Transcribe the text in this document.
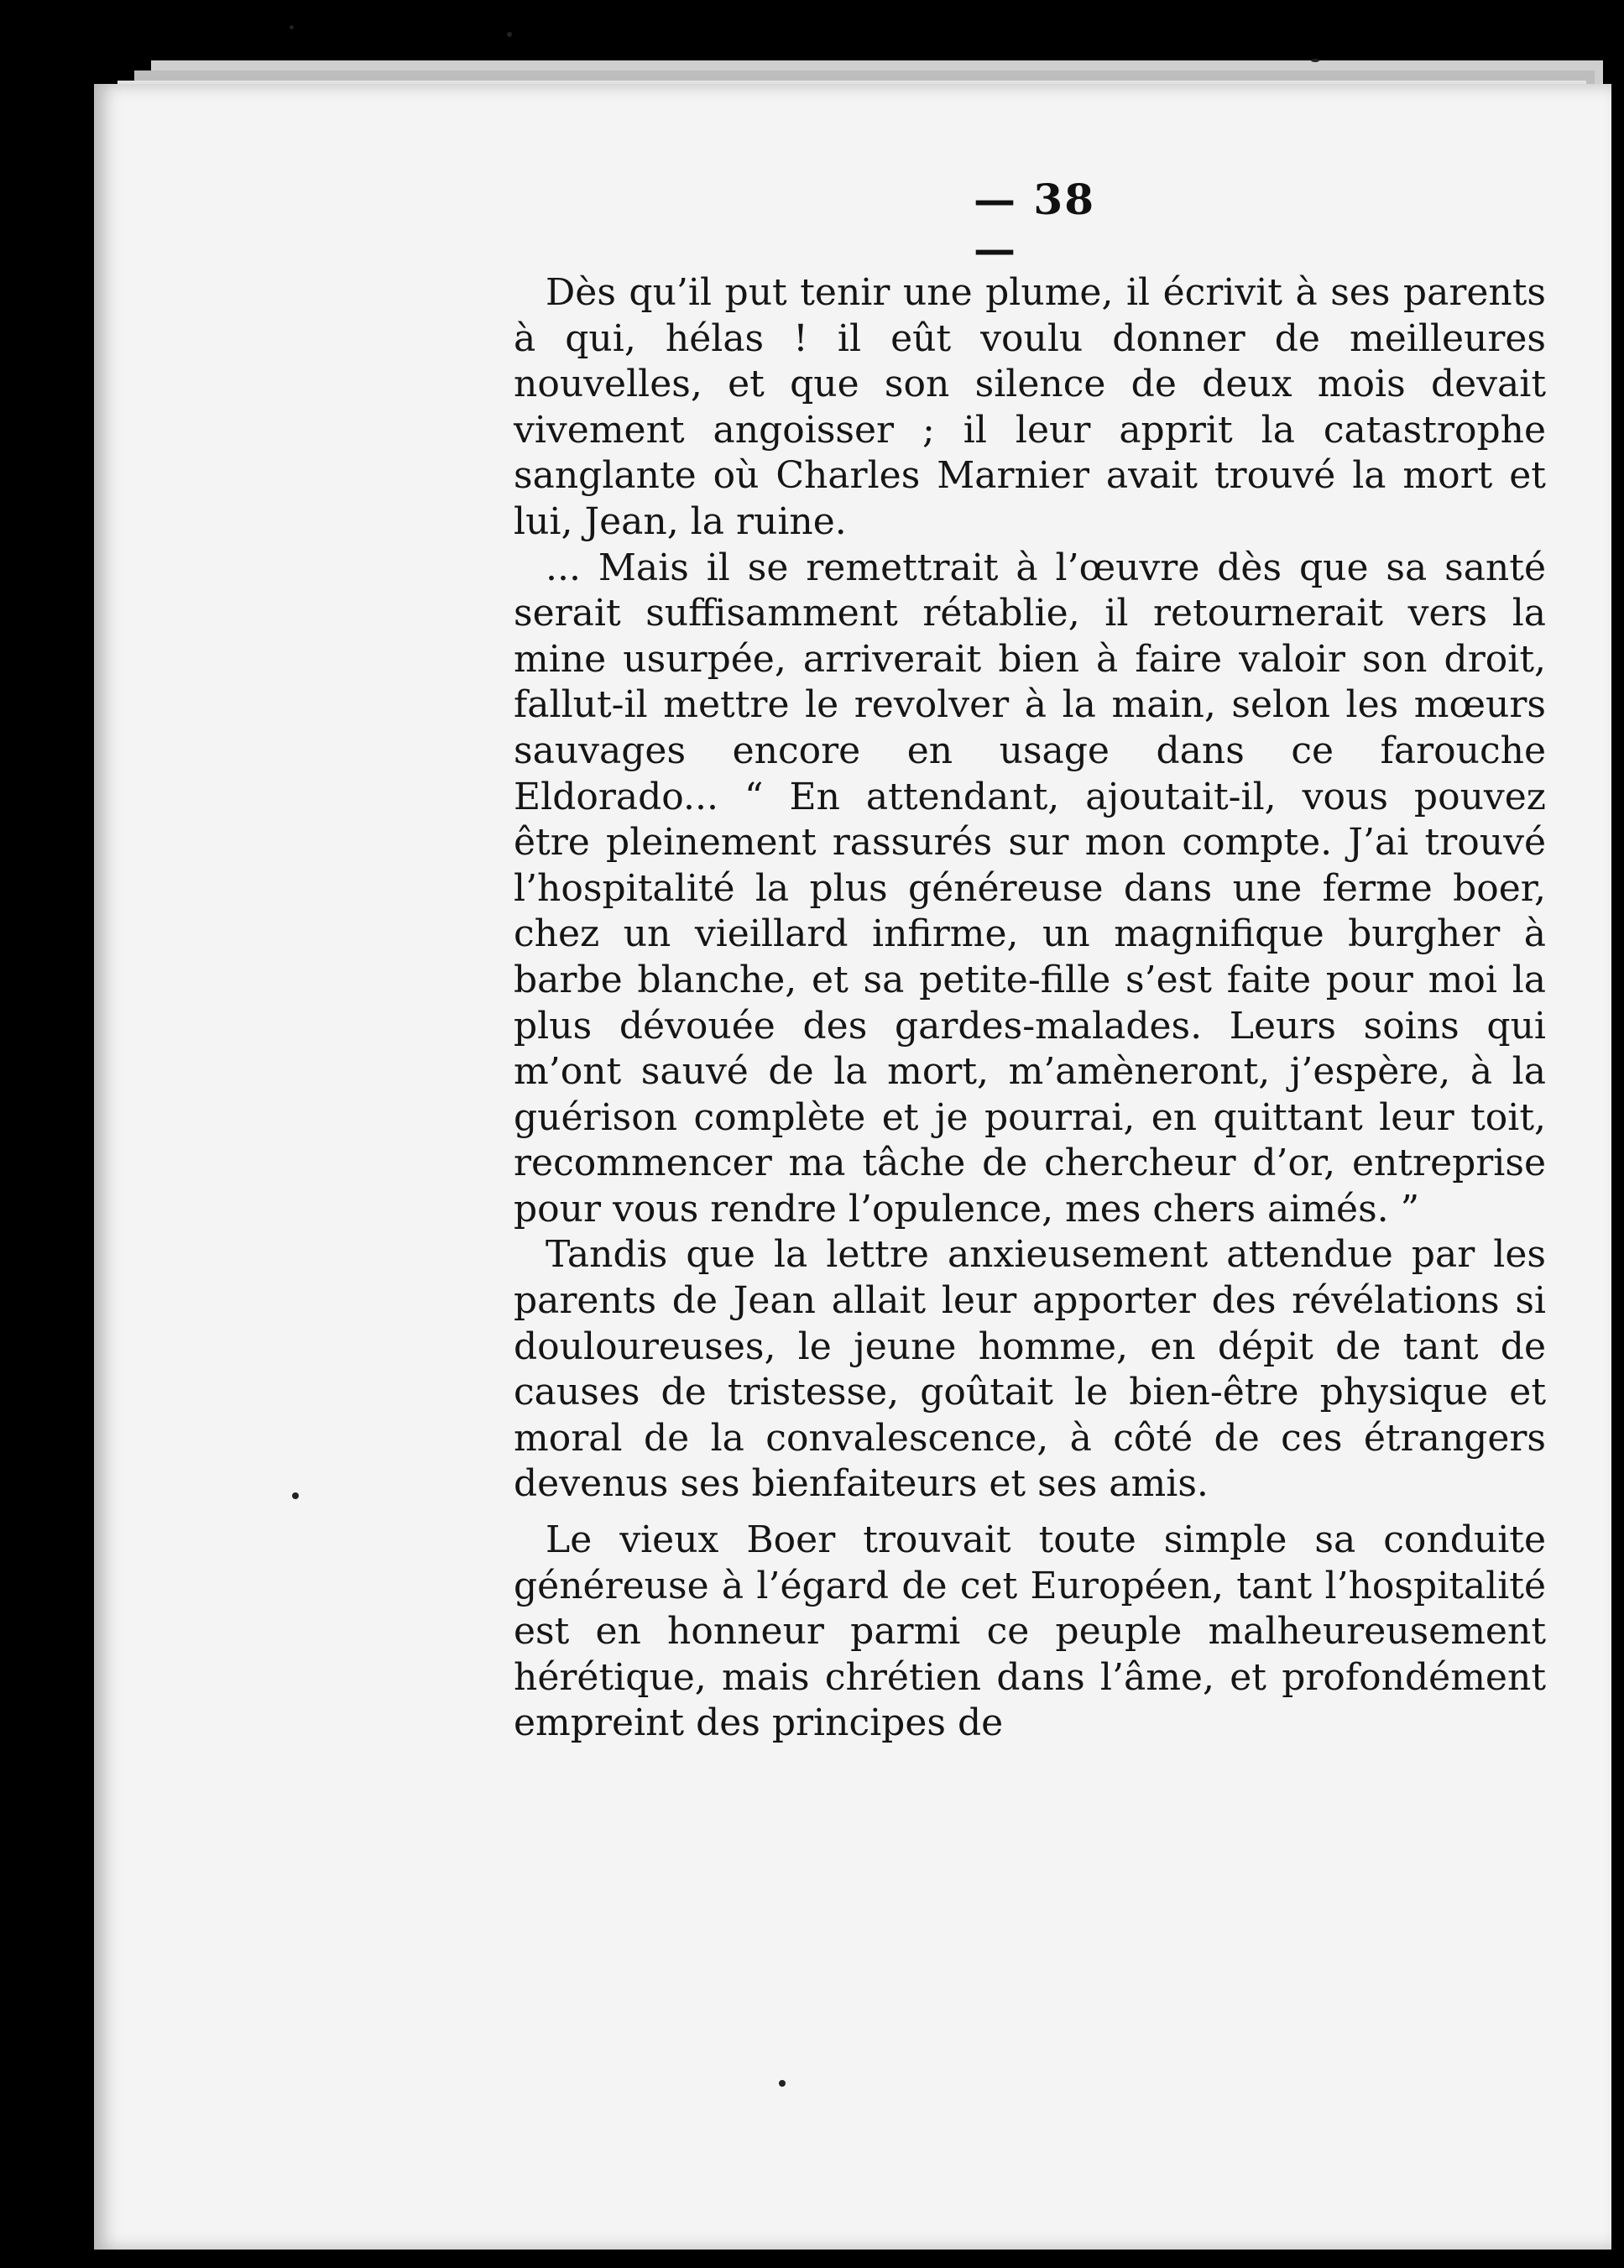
— 38 —

Dès qu’il put tenir une plume, il écrivit à ses parents à qui, hélas ! il eût voulu donner de meilleures nouvelles, et que son silence de deux mois devait vivement angoisser ; il leur apprit la catastrophe sanglante où Charles Marnier avait trouvé la mort et lui, Jean, la ruine.

... Mais il se remettrait à l’œuvre dès que sa santé serait suffisamment rétablie, il retournerait vers la mine usurpée, arriverait bien à faire valoir son droit, fallut-il mettre le revolver à la main, selon les mœurs sauvages encore en usage dans ce farouche Eldorado... “ En attendant, ajoutait-il, vous pouvez être pleinement rassurés sur mon compte. J’ai trouvé l’hospitalité la plus généreuse dans une ferme boer, chez un vieillard infirme, un magnifique burgher à barbe blanche, et sa petite-fille s’est faite pour moi la plus dévouée des gardes-malades. Leurs soins qui m’ont sauvé de la mort, m’amèneront, j’espère, à la guérison complète et je pourrai, en quittant leur toit, recommencer ma tâche de chercheur d’or, entreprise pour vous rendre l’opulence, mes chers aimés. ”

Tandis que la lettre anxieusement attendue par les parents de Jean allait leur apporter des révélations si douloureuses, le jeune homme, en dépit de tant de causes de tristesse, goûtait le bien-être physique et moral de la convalescence, à côté de ces étrangers devenus ses bienfaiteurs et ses amis.

Le vieux Boer trouvait toute simple sa conduite généreuse à l’égard de cet Européen, tant l’hospitalité est en honneur parmi ce peuple malheureusement hérétique, mais chrétien dans l’âme, et profondément empreint des principes de
